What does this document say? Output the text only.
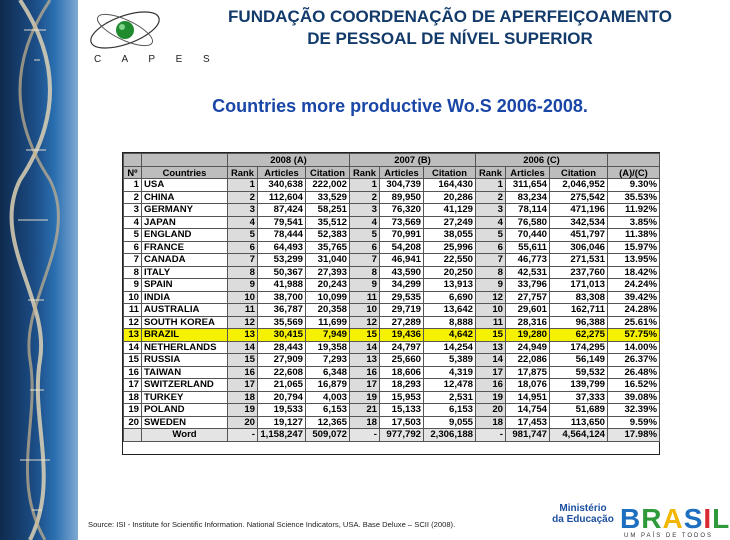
C A P E S
FUNDAÇÃO COORDENAÇÃO DE APERFEIÇOAMENTO
DE PESSOAL DE NÍVEL SUPERIOR
Countries more productive Wo.S 2006-2008.
		2008 (A)			2007 (B)			2006 (C)			
Nº	Countries	Rank	Articles	Citation	Rank	Articles	Citation	Rank	Articles	Citation	(A)/(C)
1	USA	1	340,638	222,002	1	304,739	164,430	1	311,654	2,046,952	9.30%
2	CHINA	2	112,604	33,529	2	89,950	20,286	2	83,234	275,542	35.53%
3	GERMANY	3	87,424	58,251	3	76,320	41,129	3	78,114	471,196	11.92%
4	JAPAN	4	79,541	35,512	4	73,569	27,249	4	76,580	342,534	3.85%
5	ENGLAND	5	78,444	52,383	5	70,991	38,055	5	70,440	451,797	11.38%
6	FRANCE	6	64,493	35,765	6	54,208	25,996	6	55,611	306,046	15.97%
7	CANADA	7	53,299	31,040	7	46,941	22,550	7	46,773	271,531	13.95%
8	ITALY	8	50,367	27,393	8	43,590	20,250	8	42,531	237,760	18.42%
9	SPAIN	9	41,988	20,243	9	34,299	13,913	9	33,796	171,013	24.24%
10	INDIA	10	38,700	10,099	11	29,535	6,690	12	27,757	83,308	39.42%
11	AUSTRALIA	11	36,787	20,358	10	29,719	13,642	10	29,601	162,711	24.28%
12	SOUTH KOREA	12	35,569	11,699	12	27,289	8,888	11	28,316	96,388	25.61%
13	BRAZIL	13	30,415	7,949	15	19,436	4,642	15	19,280	62,275	57.75%
14	NETHERLANDS	14	28,443	19,358	14	24,797	14,254	13	24,949	174,295	14.00%
15	RUSSIA	15	27,909	7,293	13	25,660	5,389	14	22,086	56,149	26.37%
16	TAIWAN	16	22,608	6,348	16	18,606	4,319	17	17,875	59,532	26.48%
17	SWITZERLAND	17	21,065	16,879	17	18,293	12,478	16	18,076	139,799	16.52%
18	TURKEY	18	20,794	4,003	19	15,953	2,531	19	14,951	37,333	39.08%
19	POLAND	19	19,533	6,153	21	15,133	6,153	20	14,754	51,689	32.39%
20	SWEDEN	20	19,127	12,365	18	17,503	9,055	18	17,453	113,650	9.59%
	Word	-	1,158,247	509,072	-	977,792	2,306,188	-	981,747	4,564,124	17.98%
Source: ISI - Institute for Scientific Information. National Science Indicators, USA. Base Deluxe – SCII (2008).
Ministério
da Educação BRASIL
UM PAÍS DE TODOS
